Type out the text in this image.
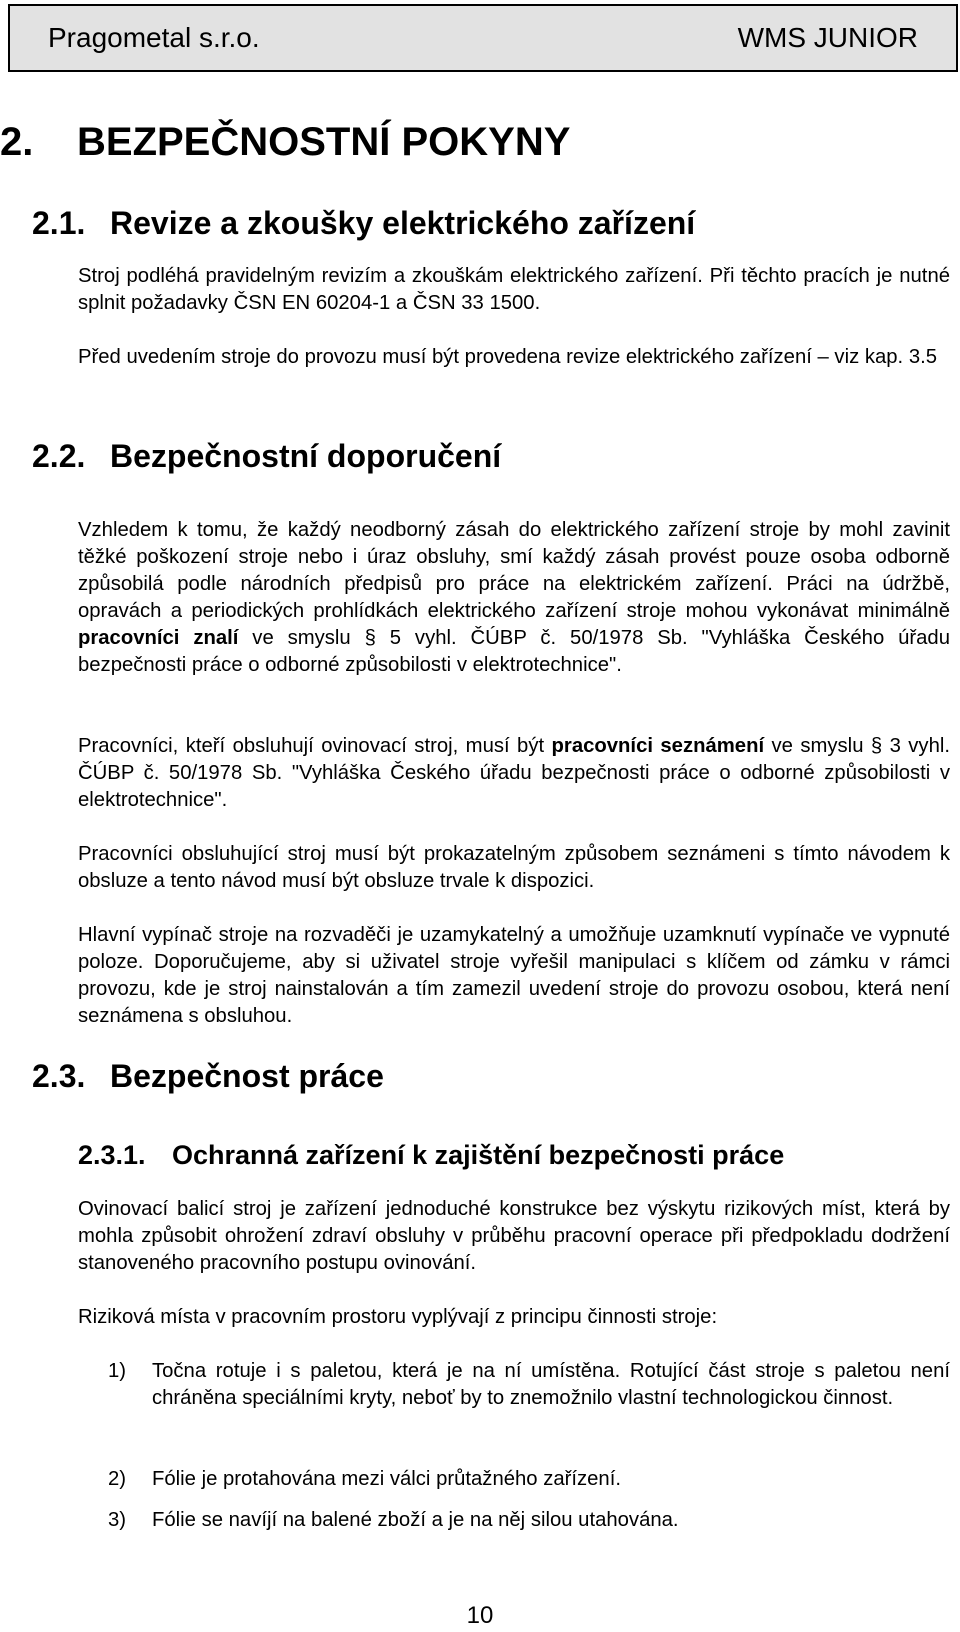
Pragometal s.r.o.	WMS JUNIOR
2. BEZPEČNOSTNÍ POKYNY
2.1. Revize a zkoušky elektrického zařízení

Stroj podléhá pravidelným revizím a zkouškám elektrického zařízení. Při těchto pracích je nutné splnit požadavky ČSN EN 60204-1 a ČSN 33 1500.

Před uvedením stroje do provozu musí být provedena revize elektrického zařízení – viz kap. 3.5

2.2. Bezpečnostní doporučení

Vzhledem k tomu, že každý neodborný zásah do elektrického zařízení stroje by mohl zavinit těžké poškození stroje nebo i úraz obsluhy, smí každý zásah provést pouze osoba odborně způsobilá podle národních předpisů pro práce na elektrickém zařízení. Práci na údržbě, opravách a periodických prohlídkách elektrického zařízení stroje mohou vykonávat minimálně pracovníci znalí ve smyslu § 5 vyhl. ČÚBP č. 50/1978 Sb. "Vyhláška Českého úřadu bezpečnosti práce o odborné způsobilosti v elektrotechnice".

Pracovníci, kteří obsluhují ovinovací stroj, musí být pracovníci seznámení ve smyslu § 3 vyhl. ČÚBP č. 50/1978 Sb. "Vyhláška Českého úřadu bezpečnosti práce o odborné způsobilosti v elektrotechnice".

Pracovníci obsluhující stroj musí být prokazatelným způsobem seznámeni s tímto návodem k obsluze a tento návod musí být obsluze trvale k dispozici.

Hlavní vypínač stroje na rozvaděči je uzamykatelný a umožňuje uzamknutí vypínače ve vypnuté poloze. Doporučujeme, aby si uživatel stroje vyřešil manipulaci s klíčem od zámku v rámci provozu, kde je stroj nainstalován a tím zamezil uvedení stroje do provozu osobou, která není seznámena s obsluhou.

2.3. Bezpečnost práce
2.3.1. Ochranná zařízení k zajištění bezpečnosti práce

Ovinovací balicí stroj je zařízení jednoduché konstrukce bez výskytu rizikových míst, která by mohla způsobit ohrožení zdraví obsluhy v průběhu pracovní operace při předpokladu dodržení stanoveného pracovního postupu ovinování.

Riziková místa v pracovním prostoru vyplývají z principu činnosti stroje:

1)	Točna rotuje i s paletou, která je na ní umístěna. Rotující část stroje s paletou není chráněna speciálními kryty, neboť by to znemožnilo vlastní technologickou činnost.
2)	Fólie je protahována mezi válci průtažného zařízení.
3)	Fólie se navíjí na balené zboží a je na něj silou utahována.
10
